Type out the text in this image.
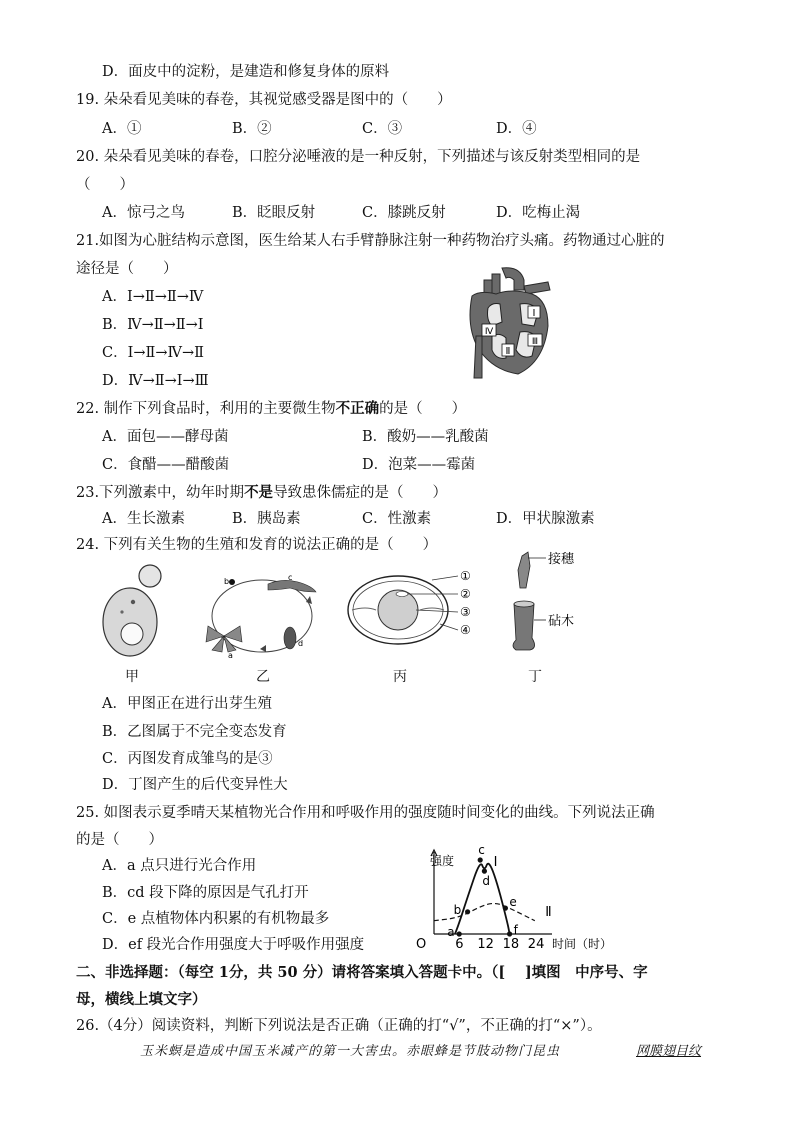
D．面皮中的淀粉，是建造和修复身体的原料
19. 朵朵看见美味的春卷，其视觉感受器是图中的（　　）
A．①	B．②	C．③	D．④
20. 朵朵看见美味的春卷，口腔分泌唾液的是一种反射，下列描述与该反射类型相同的是
（　　）
A．惊弓之鸟	B．眨眼反射	C．膝跳反射	D．吃梅止渴
21.如图为心脏结构示意图，医生给某人右手臂静脉注射一种药物治疗头痛。药物通过心脏的
途径是（　　）
A．Ⅰ→Ⅱ→Ⅱ→Ⅳ
B．Ⅳ→Ⅱ→Ⅱ→Ⅰ
C．Ⅰ→Ⅱ→Ⅳ→Ⅱ
D．Ⅳ→Ⅱ→Ⅰ→Ⅲ
Ⅰ
Ⅲ
Ⅳ
Ⅱ
22. 制作下列食品时，利用的主要微生物不正确的是（　　）
A．面包——酵母菌	B．酸奶——乳酸菌
C．食醋——醋酸菌	D．泡菜——霉菌
23.下列激素中，幼年时期不是导致患侏儒症的是（　　）
A．生长激素	B．胰岛素	C．性激素	D．甲状腺激素
24. 下列有关生物的生殖和发育的说法正确的是（　　）
甲
b	c
d
a
乙
①
②
③
④
丙
接穗
砧木
丁
A．甲图正在进行出芽生殖
B．乙图属于不完全变态发育
C．丙图发育成雏鸟的是③
D．丁图产生的后代变异性大
25. 如图表示夏季晴天某植物光合作用和呼吸作用的强度随时间变化的曲线。下列说法正确
的是（　　）
A．a 点只进行光合作用
B．cd 段下降的原因是气孔打开
C．e 点植物体内积累的有机物最多
D．ef 段光合作用强度大于呼吸作用强度
强度
O	时间（时）
Ⅰ
Ⅱ
6 12 18 24
a
b
c
d
e
f
二、非选择题：（每空 1分，共 50 分）请将答案填入答题卡中。（[　 ]填图　中序号、字
母，横线上填文字）
26.（4分）阅读资料，判断下列说法是否正确（正确的打“√”，不正确的打“×”）。
玉米螟是造成中国玉米减产的第一大害虫。赤眼蜂是节肢动物门昆虫	网膜翅目纹
